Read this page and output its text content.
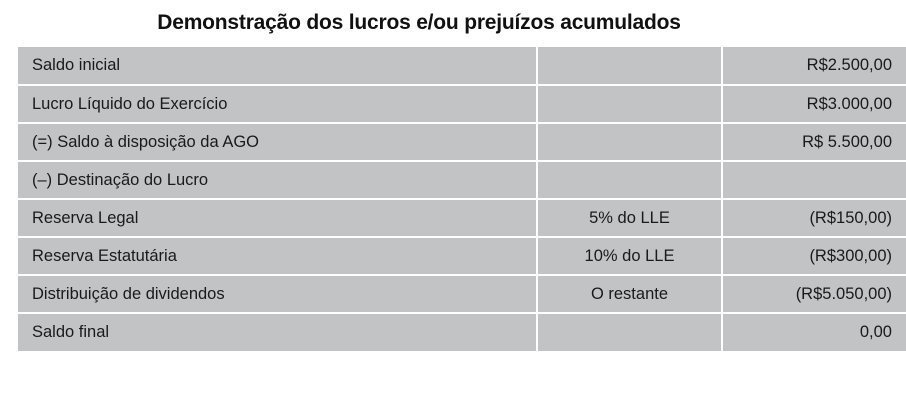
Demonstração dos lucros e/ou prejuízos acumulados
Saldo inicial		R$2.500,00
Lucro Líquido do Exercício		R$3.000,00
(=) Saldo à disposição da AGO		R$ 5.500,00
(–) Destinação do Lucro		
Reserva Legal	5% do LLE	(R$150,00)
Reserva Estatutária	10% do LLE	(R$300,00)
Distribuição de dividendos	O restante	(R$5.050,00)
Saldo final		0,00
